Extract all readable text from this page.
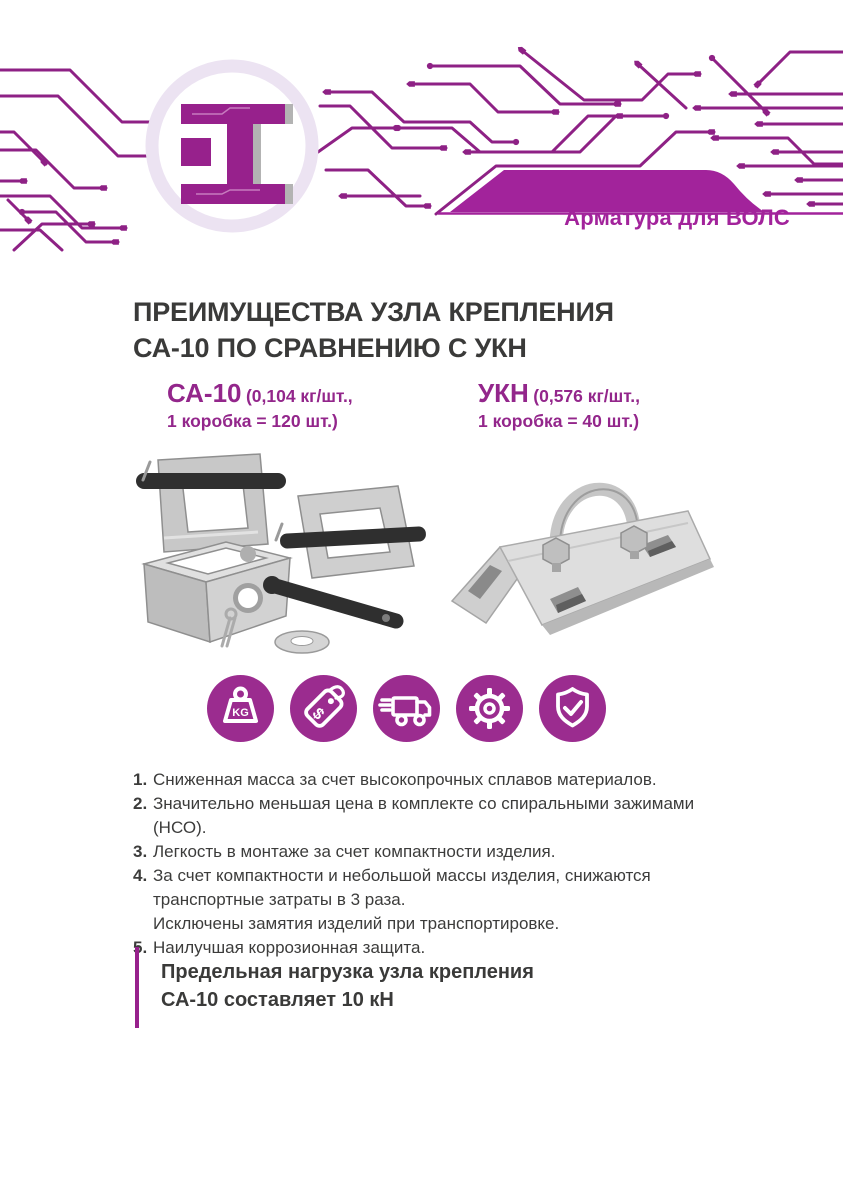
Арматура для ВОЛС
ПРЕИМУЩЕСТВА УЗЛА КРЕПЛЕНИЯ
СА-10 ПО СРАВНЕНИЮ С УКН
СА-10 (0,104 кг/шт.,
1 коробка = 120 шт.)
УКН (0,576 кг/шт.,
1 коробка = 40 шт.)
KG	$
1. Сниженная масса за счет высокопрочных сплавов материалов.
2. Значительно меньшая цена в комплекте со спиральными зажимами (НСО).
3. Легкость в монтаже за счет компактности изделия.
4. За счет компактности и небольшой массы изделия, снижаются
транспортные затраты в 3 раза.
Исключены замятия изделий при транспортировке.
5. Наилучшая коррозионная защита.
Предельная нагрузка узла крепления
СА-10 составляет 10 кН
